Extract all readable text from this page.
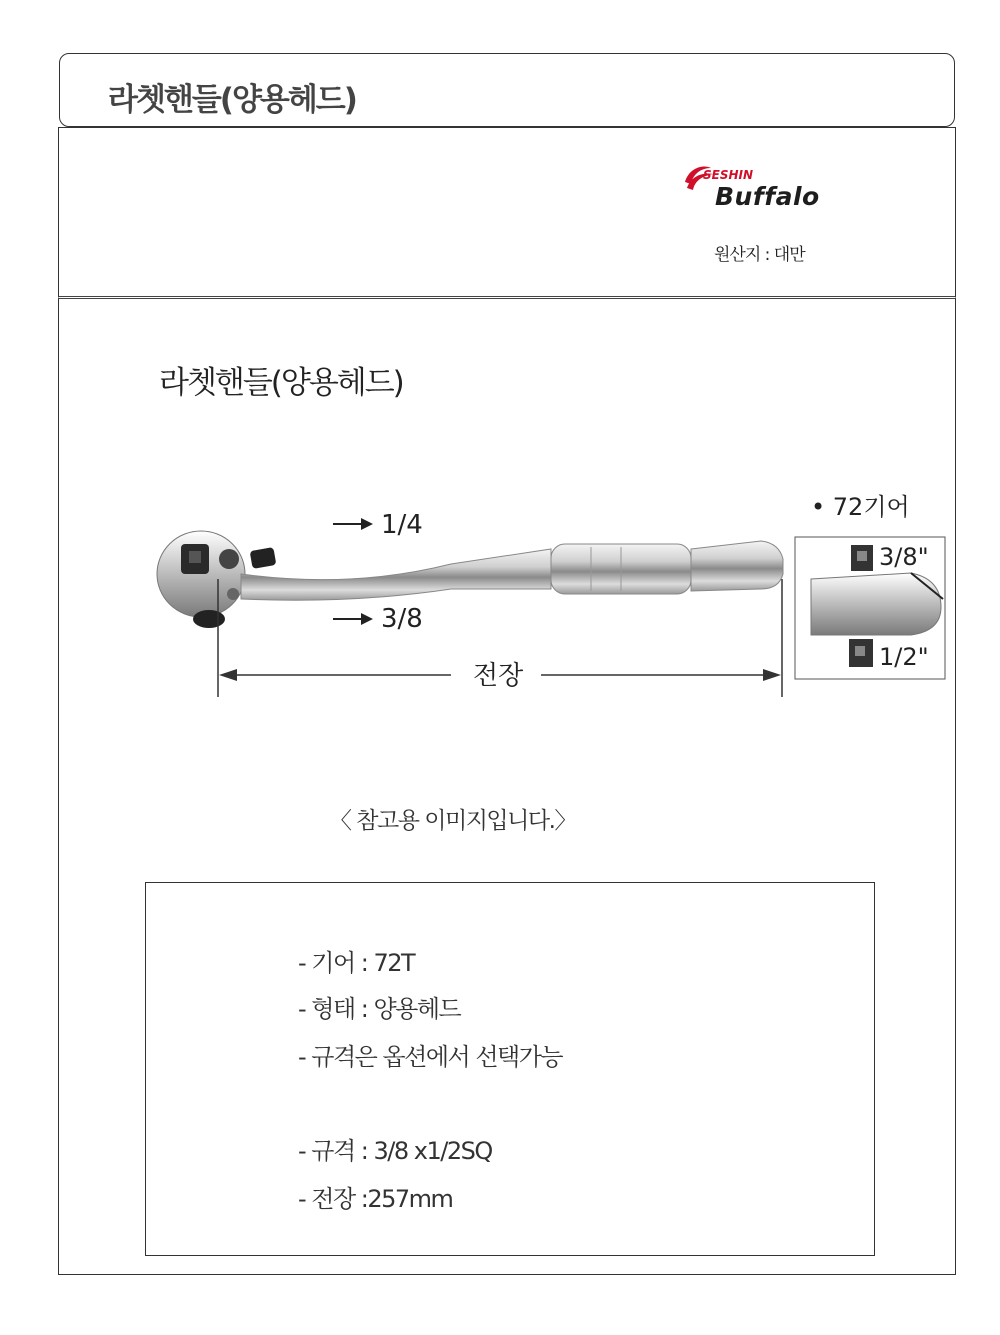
라쳇핸들(양용헤드)
SESHIN
Buffalo
원산지 : 대만
라쳇핸들(양용헤드)
1/4
3/8
전장
• 72기어
3/8"
1/2"
〈 참고용 이미지입니다.〉
- 기어 : 72T
- 형태 : 양용헤드
- 규격은 옵션에서 선택가능
- 규격 : 3/8 x1/2SQ
- 전장 :257mm
